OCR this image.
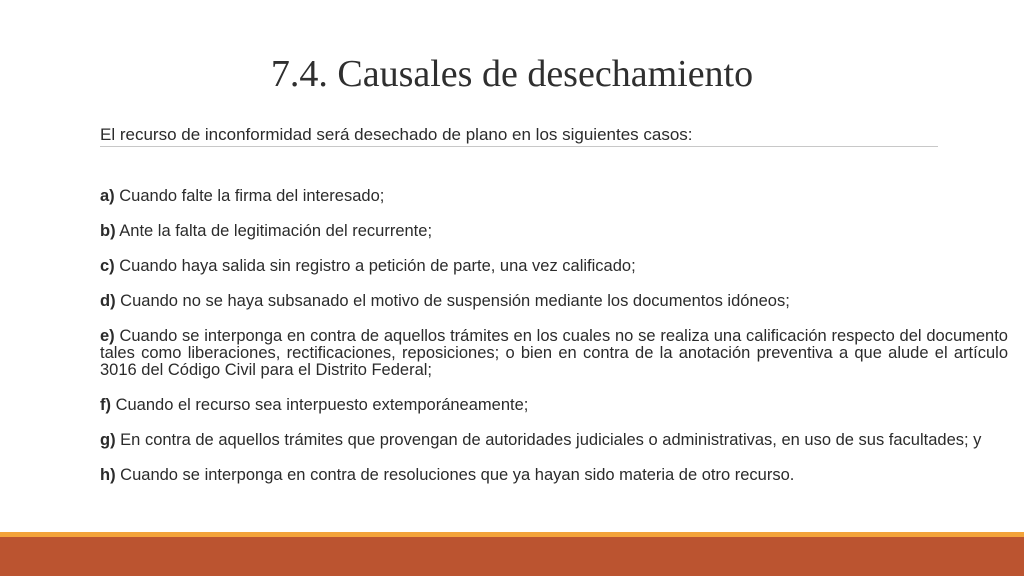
7.4. Causales de desechamiento
El recurso de inconformidad será desechado de plano en los siguientes casos:
a) Cuando falte la firma del interesado;
b) Ante la falta de legitimación del recurrente;
c) Cuando haya salida sin registro a petición de parte, una vez calificado;
d) Cuando no se haya subsanado el motivo de suspensión mediante los documentos idóneos;
e) Cuando se interponga en contra de aquellos trámites en los cuales no se realiza una calificación respecto del documento tales como liberaciones, rectificaciones, reposiciones; o bien en contra de la anotación preventiva a que alude el artículo 3016 del Código Civil para el Distrito Federal;
f) Cuando el recurso sea interpuesto extemporáneamente;
g) En contra de aquellos trámites que provengan de autoridades judiciales o administrativas, en uso de sus facultades; y
h) Cuando se interponga en contra de resoluciones que ya hayan sido materia de otro recurso.
